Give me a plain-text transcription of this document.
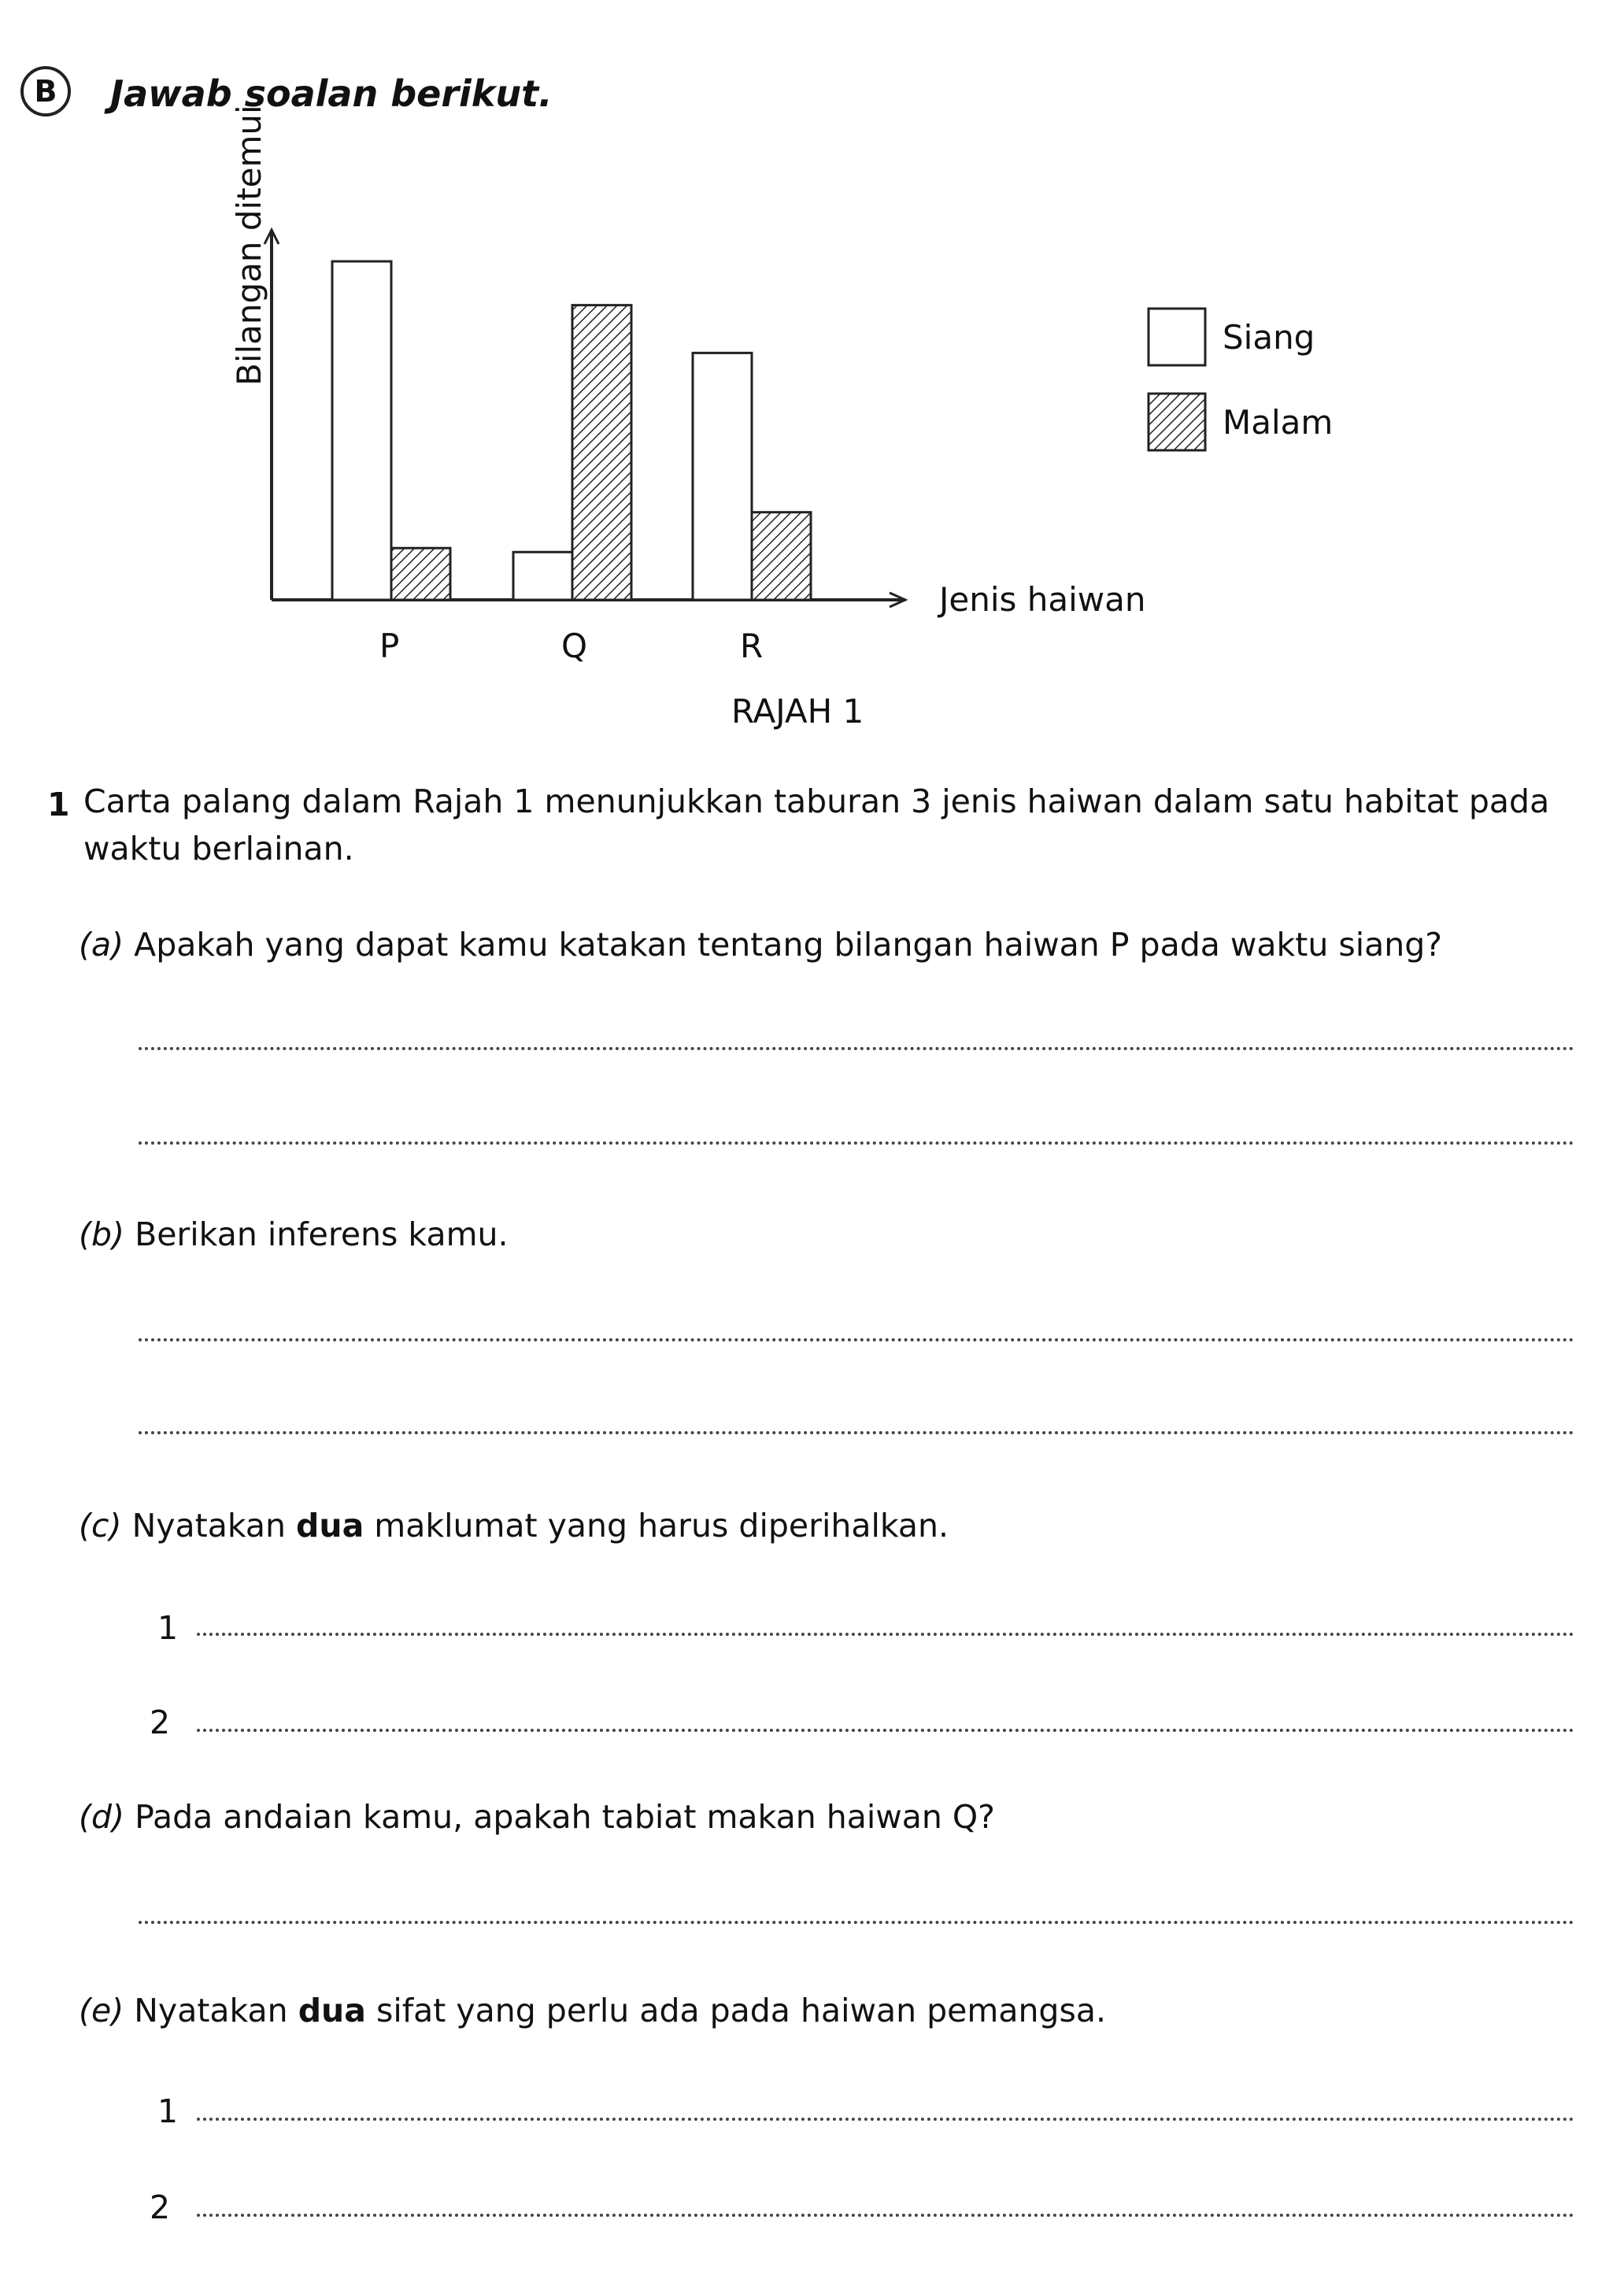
B	Jawab soalan berikut.
Bilangan ditemui
Jenis haiwan
RAJAH 1
P	Q	R
Siang
Malam
1 Carta palang dalam Rajah 1 menunjukkan taburan 3 jenis haiwan dalam satu habitat pada waktu berlainan.
(a) Apakah yang dapat kamu katakan tentang bilangan haiwan P pada waktu siang?
(b) Berikan inferens kamu.
(c) Nyatakan dua maklumat yang harus diperihalkan.
1
2
(d) Pada andaian kamu, apakah tabiat makan haiwan Q?
(e) Nyatakan dua sifat yang perlu ada pada haiwan pemangsa.
1
2
